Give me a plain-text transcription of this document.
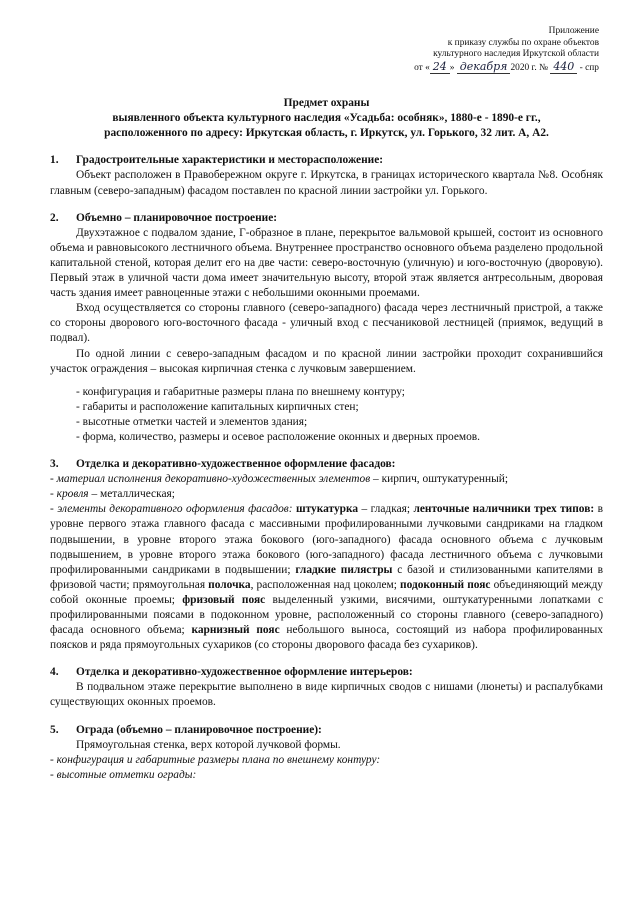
Приложение
к приказу службы по охране объектов
культурного наследия Иркутской области
от « 24 » декабря 2020 г. № 440 - спр
Предмет охраны
выявленного объекта культурного наследия «Усадьба: особняк», 1880-е - 1890-е гг.,
расположенного по адресу: Иркутская область, г. Иркутск, ул. Горького, 32 лит. А, А2.
1.	Градостроительные характеристики и месторасположение:

Объект расположен в Правобережном округе г. Иркутска, в границах исторического квартала №8. Особняк главным (северо-западным) фасадом поставлен по красной линии застройки ул. Горького.

2.	Объемно – планировочное построение:

Двухэтажное с подвалом здание, Г-образное в плане, перекрытое вальмовой крышей, состоит из основного объема и равновысокого лестничного объема. Внутреннее пространство основного объема разделено продольной капитальной стеной, которая делит его на две части: северо-восточную (уличную) и юго-восточную (дворовую). Первый этаж в уличной части дома имеет значительную высоту, второй этаж является антресольным, дворовая часть здания имеет равноценные этажи с небольшими оконными проемами.

Вход осуществляется со стороны главного (северо-западного) фасада через лестничный пристрой, а также со стороны дворового юго-восточного фасада - уличный вход с песчаниковой лестницей (приямок, ведущий в подвал).

По одной линии с северо-западным фасадом и по красной линии застройки проходит сохранившийся участок ограждения – высокая кирпичная стенка с лучковым завершением.

- конфигурация и габаритные размеры плана по внешнему контуру;
- габариты и расположение капитальных кирпичных стен;
- высотные отметки частей и элементов здания;
- форма, количество, размеры и осевое расположение оконных и дверных проемов.
3.	Отделка и декоративно-художественное оформление фасадов:

- материал исполнения декоративно-художественных элементов – кирпич, оштукатуренный;

- кровля – металлическая;

- элементы декоративного оформления фасадов: штукатурка – гладкая; ленточные наличники трех типов: в уровне первого этажа главного фасада с массивными профилированными лучковыми сандриками на гладком подвышении, в уровне второго этажа бокового (юго-западного) фасада основного объема с лучковым подвышением, в уровне второго этажа бокового (юго-западного) фасада лестничного объема с лучковыми профилированными сандриками в подвышении; гладкие пилястры с базой и стилизованными капителями в фризовой части; прямоугольная полочка, расположенная над цоколем; подоконный пояс объединяющий между собой оконные проемы; фризовый пояс выделенный узкими, висячими, оштукатуренными лопатками с профилированными поясами в подоконном уровне, расположенный со стороны главного (северо-западного) фасада основного объема; карнизный пояс небольшого выноса, состоящий из набора профилированных поясков и ряда прямоугольных сухариков (со стороны дворового фасада без сухариков).

4.	Отделка и декоративно-художественное оформление интерьеров:

В подвальном этаже перекрытие выполнено в виде кирпичных сводов с нишами (люнеты) и распалубками существующих оконных проемов.

5.	Ограда (объемно – планировочное построение):

Прямоугольная стенка, верх которой лучковой формы.

- конфигурация и габаритные размеры плана по внешнему контуру:

- высотные отметки ограды:
